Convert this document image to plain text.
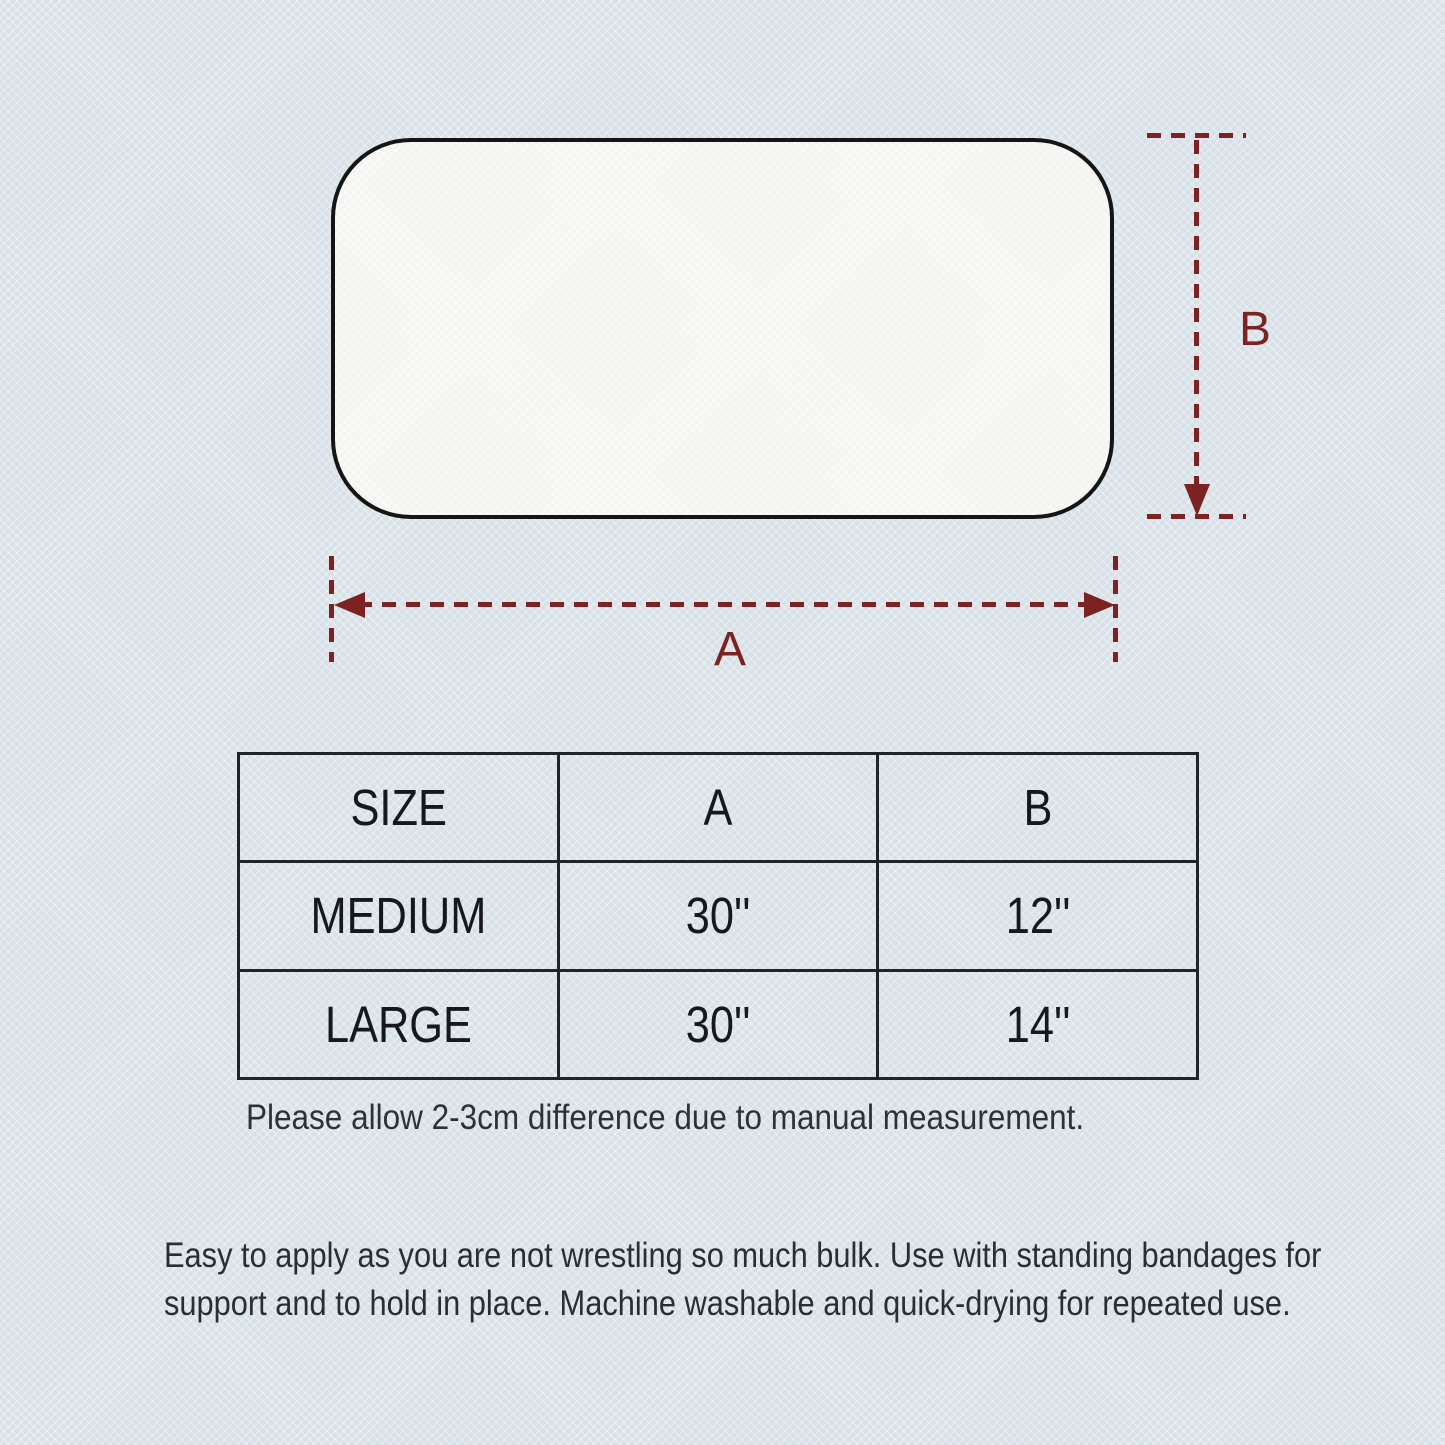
B
A
SIZE	A	B
MEDIUM	30''	12''
LARGE	30''	14''
Please allow 2-3cm difference due to manual measurement.
Easy to apply as you are not wrestling so much bulk. Use with standing bandages for support and to hold in place. Machine washable and quick-drying for repeated use.
